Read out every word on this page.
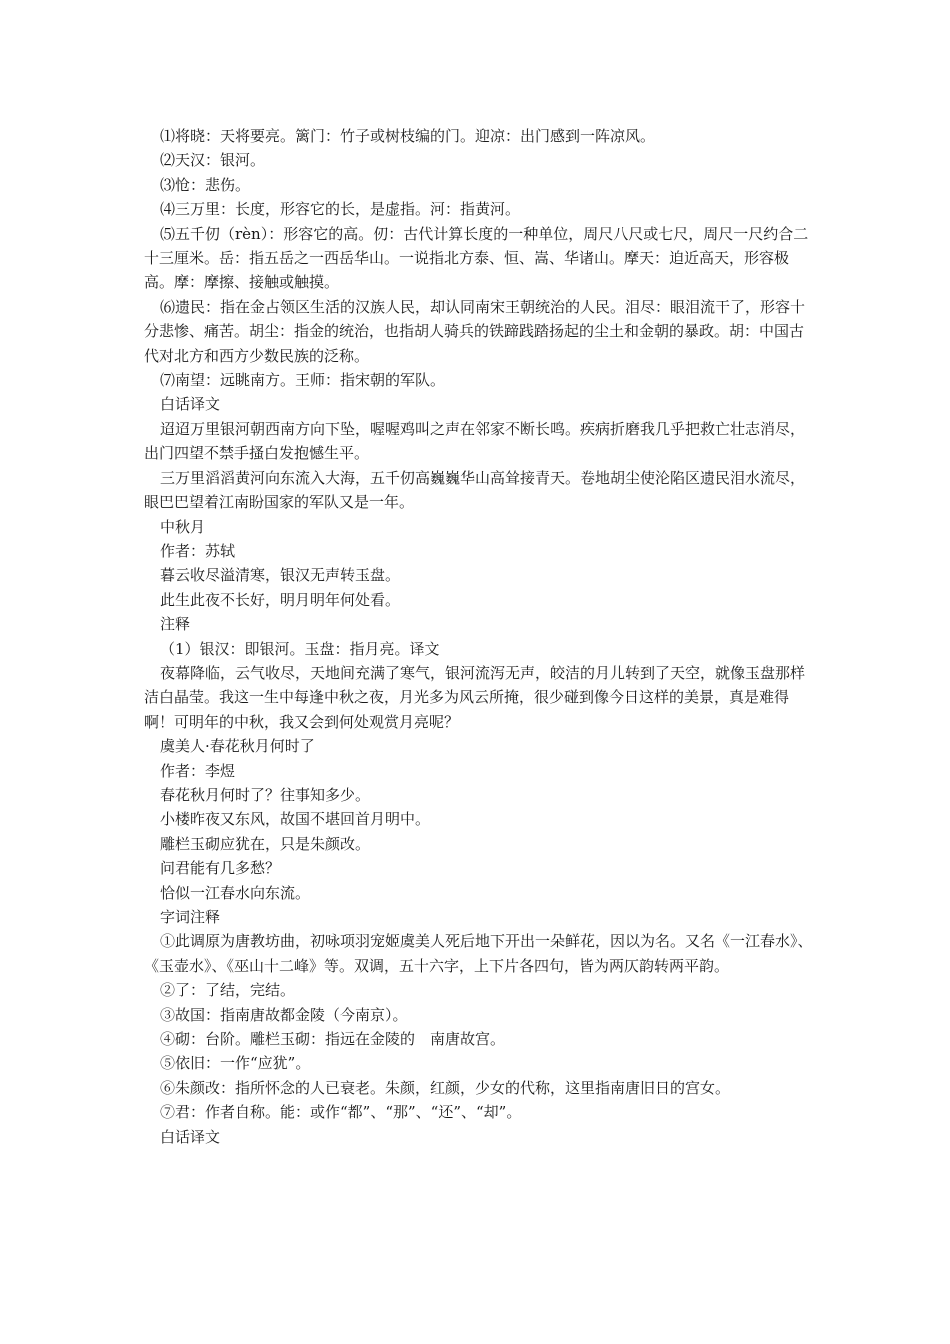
⑴将晓：天将要亮。篱门：竹子或树枝编的门。迎凉：出门感到一阵凉风。

⑵天汉：银河。

⑶怆：悲伤。

⑷三万里：长度，形容它的长，是虚指。河：指黄河。

⑸五千仞（rèn）：形容它的高。仞：古代计算长度的一种单位，周尺八尺或七尺，周尺一尺约合二十三厘米。岳：指五岳之一西岳华山。一说指北方泰、恒、嵩、华诸山。摩天：迫近高天，形容极高。摩：摩擦、接触或触摸。

⑹遗民：指在金占领区生活的汉族人民，却认同南宋王朝统治的人民。泪尽：眼泪流干了，形容十分悲惨、痛苦。胡尘：指金的统治，也指胡人骑兵的铁蹄践踏扬起的尘土和金朝的暴政。胡：中国古代对北方和西方少数民族的泛称。

⑺南望：远眺南方。王师：指宋朝的军队。

白话译文

迢迢万里银河朝西南方向下坠，喔喔鸡叫之声在邻家不断长鸣。疾病折磨我几乎把救亡壮志消尽，出门四望不禁手搔白发抱憾生平。

三万里滔滔黄河向东流入大海，五千仞高巍巍华山高耸接青天。卷地胡尘使沦陷区遗民泪水流尽，眼巴巴望着江南盼国家的军队又是一年。

中秋月

作者：苏轼

暮云收尽溢清寒，银汉无声转玉盘。

此生此夜不长好，明月明年何处看。

注释

（1）银汉：即银河。玉盘：指月亮。译文

夜幕降临，云气收尽，天地间充满了寒气，银河流泻无声，皎洁的月儿转到了天空，就像玉盘那样洁白晶莹。我这一生中每逢中秋之夜，月光多为风云所掩，很少碰到像今日这样的美景，真是难得啊！可明年的中秋，我又会到何处观赏月亮呢？

虞美人·春花秋月何时了

作者：李煜

春花秋月何时了？往事知多少。

小楼昨夜又东风，故国不堪回首月明中。

雕栏玉砌应犹在，只是朱颜改。

问君能有几多愁？

恰似一江春水向东流。

字词注释

①此调原为唐教坊曲，初咏项羽宠姬虞美人死后地下开出一朵鲜花，因以为名。又名《一江春水》、《玉壶水》、《巫山十二峰》等。双调，五十六字，上下片各四句，皆为两仄韵转两平韵。

②了：了结，完结。

③故国：指南唐故都金陵（今南京）。

④砌：台阶。雕栏玉砌：指远在金陵的　南唐故宫。

⑤依旧：一作“应犹”。

⑥朱颜改：指所怀念的人已衰老。朱颜，红颜，少女的代称，这里指南唐旧日的宫女。

⑦君：作者自称。能：或作“都”、“那”、“还”、“却”。

白话译文
